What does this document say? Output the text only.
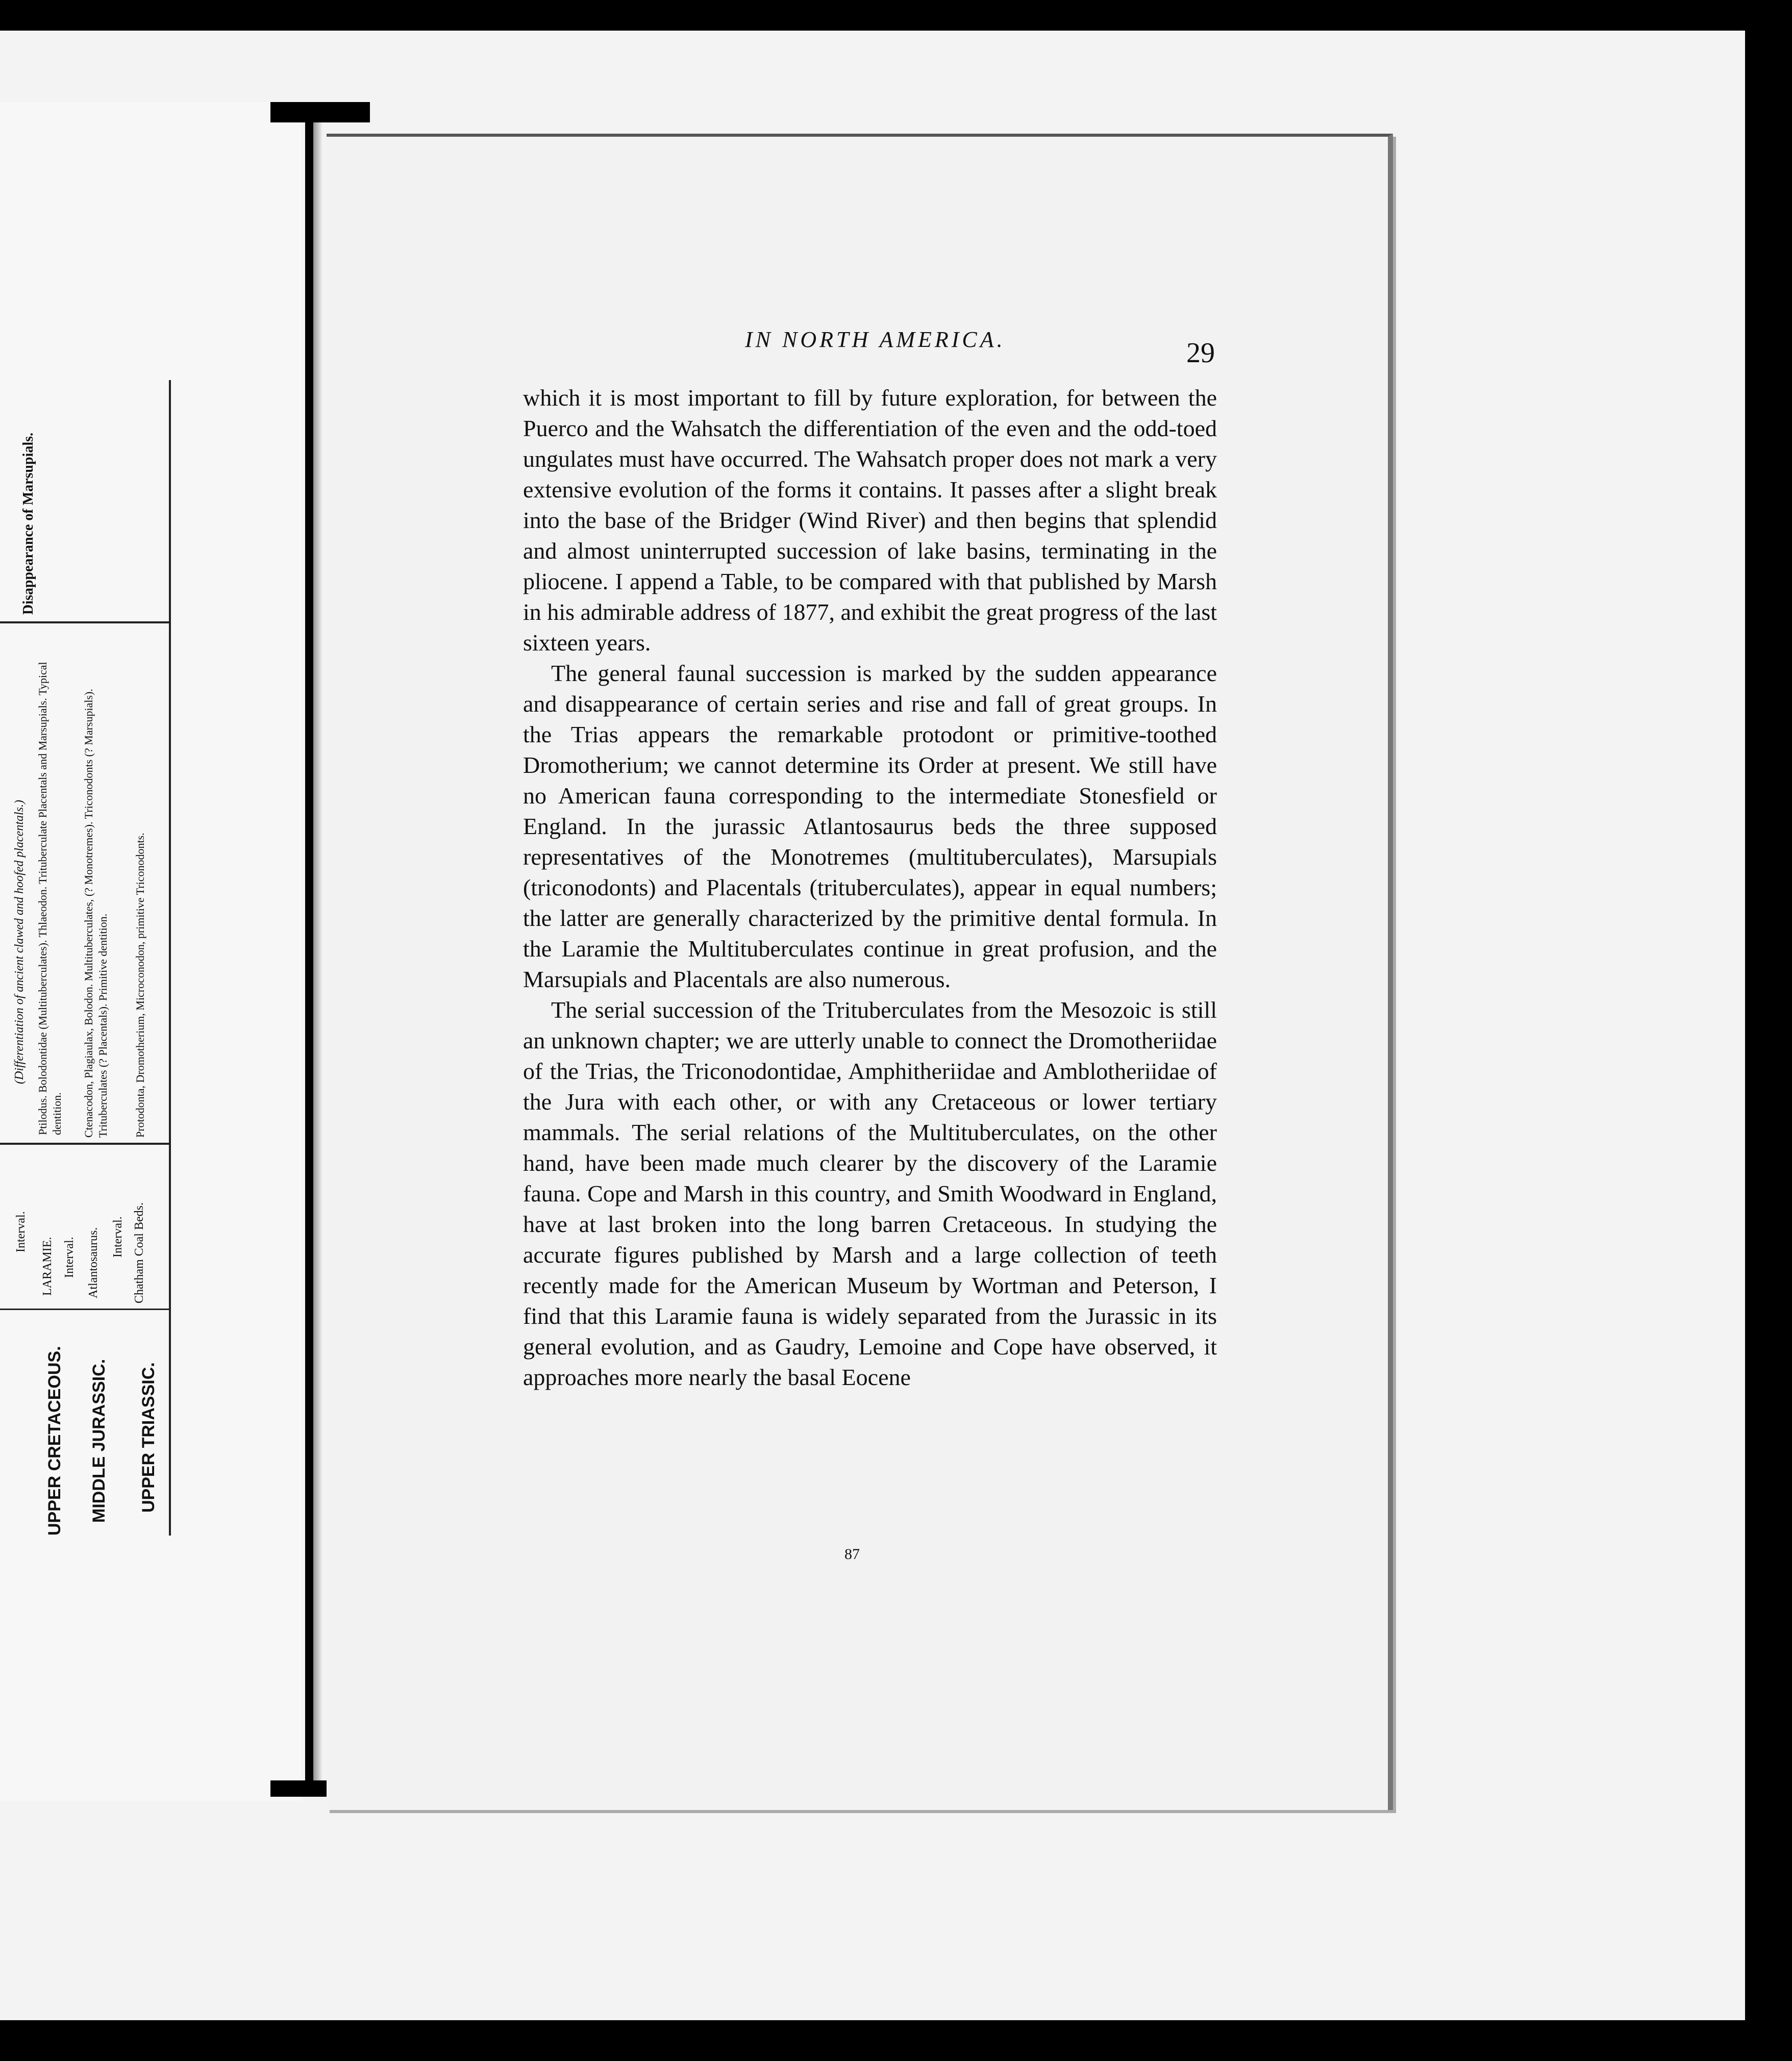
Disappearance of Marsupials.
UPPER CRETACEOUS. MIDDLE JURASSIC. UPPER TRIASSIC.
Interval.
LARAMIE. Interval. Atlantosaurus. Interval. Chatham Coal Beds.
(Differentiation of ancient clawed and hoofed placentals.) Ptilodus. Bolodontidae (Multituberculates). Thlaeodon. Trituberculate Placentals and Marsupials. Typical dentition. Ctenacodon, Plagiaulax, Bolodon. Multituberculates, (? Monotremes). Triconodonts (? Marsupials). Trituberculates (? Placentals). Primitive dentition. Protodonta, Dromotherium, Microconodon, primitive Triconodonts.
IN NORTH AMERICA.	29

which it is most important to fill by future exploration, for between the Puerco and the Wahsatch the differentiation of the even and the odd-toed ungulates must have occurred. The Wahsatch proper does not mark a very extensive evolution of the forms it contains. It passes after a slight break into the base of the Bridger (Wind River) and then begins that splendid and almost uninterrupted succession of lake basins, terminating in the pliocene. I append a Table, to be compared with that published by Marsh in his admirable address of 1877, and exhibit the great progress of the last sixteen years.

The general faunal succession is marked by the sudden appearance and disappearance of certain series and rise and fall of great groups. In the Trias appears the remarkable protodont or primitive-toothed Dromotherium; we cannot determine its Order at present. We still have no American fauna corresponding to the intermediate Stonesfield or England. In the jurassic Atlantosaurus beds the three supposed representatives of the Monotremes (multituberculates), Marsupials (triconodonts) and Placentals (trituberculates), appear in equal numbers; the latter are generally characterized by the primitive dental formula. In the Laramie the Multituberculates continue in great profusion, and the Marsupials and Placentals are also numerous.

The serial succession of the Trituberculates from the Mesozoic is still an unknown chapter; we are utterly unable to connect the Dromotheriidae of the Trias, the Triconodontidae, Amphitheriidae and Amblotheriidae of the Jura with each other, or with any Cretaceous or lower tertiary mammals. The serial relations of the Multituberculates, on the other hand, have been made much clearer by the discovery of the Laramie fauna. Cope and Marsh in this country, and Smith Woodward in England, have at last broken into the long barren Cretaceous. In studying the accurate figures published by Marsh and a large collection of teeth recently made for the American Museum by Wortman and Peterson, I find that this Laramie fauna is widely separated from the Jurassic in its general evolution, and as Gaudry, Lemoine and Cope have observed, it approaches more nearly the basal Eocene

87
